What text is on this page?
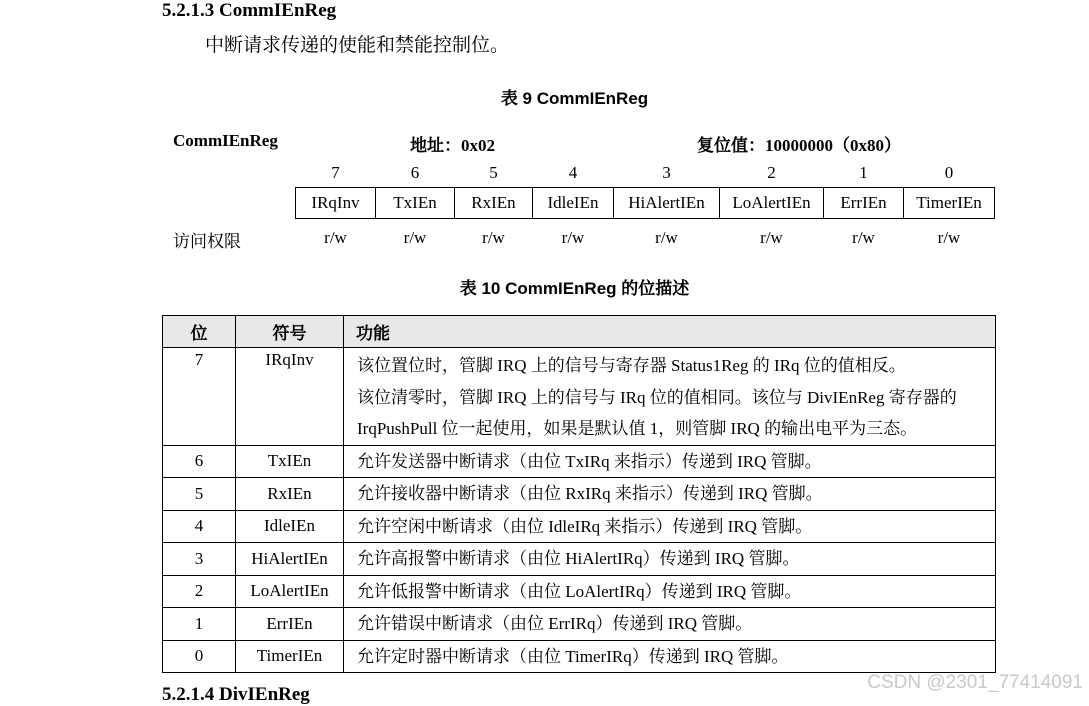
5.2.1.3 CommIEnReg
中断请求传递的使能和禁能控制位。
表 9 CommIEnReg
CommIEnReg	地址：0x02	复位值：10000000（0x80）
7	6	5	4	3	2	1	0
IRqInv TxIEn RxIEn IdleIEn HiAlertIEn LoAlertIEn ErrIEn TimerIEn
访问权限	r/w	r/w	r/w	r/w	r/w	r/w	r/w	r/w
表 10 CommIEnReg 的位描述
位	符号	功能
7	IRqInv	该位置位时，管脚 IRQ 上的信号与寄存器 Status1Reg 的 IRq 位的值相反。
该位清零时，管脚 IRQ 上的信号与 IRq 位的值相同。该位与 DivIEnReg 寄存器的
IrqPushPull 位一起使用，如果是默认值 1，则管脚 IRQ 的输出电平为三态。

6	TxIEn	允许发送器中断请求（由位 TxIRq 来指示）传递到 IRQ 管脚。
5	RxIEn	允许接收器中断请求（由位 RxIRq 来指示）传递到 IRQ 管脚。
4	IdleIEn	允许空闲中断请求（由位 IdleIRq 来指示）传递到 IRQ 管脚。
3	HiAlertIEn	允许高报警中断请求（由位 HiAlertIRq）传递到 IRQ 管脚。
2	LoAlertIEn	允许低报警中断请求（由位 LoAlertIRq）传递到 IRQ 管脚。
1	ErrIEn	允许错误中断请求（由位 ErrIRq）传递到 IRQ 管脚。
0	TimerIEn	允许定时器中断请求（由位 TimerIRq）传递到 IRQ 管脚。
5.2.1.4 DivIEnReg
CSDN @2301_77414091
